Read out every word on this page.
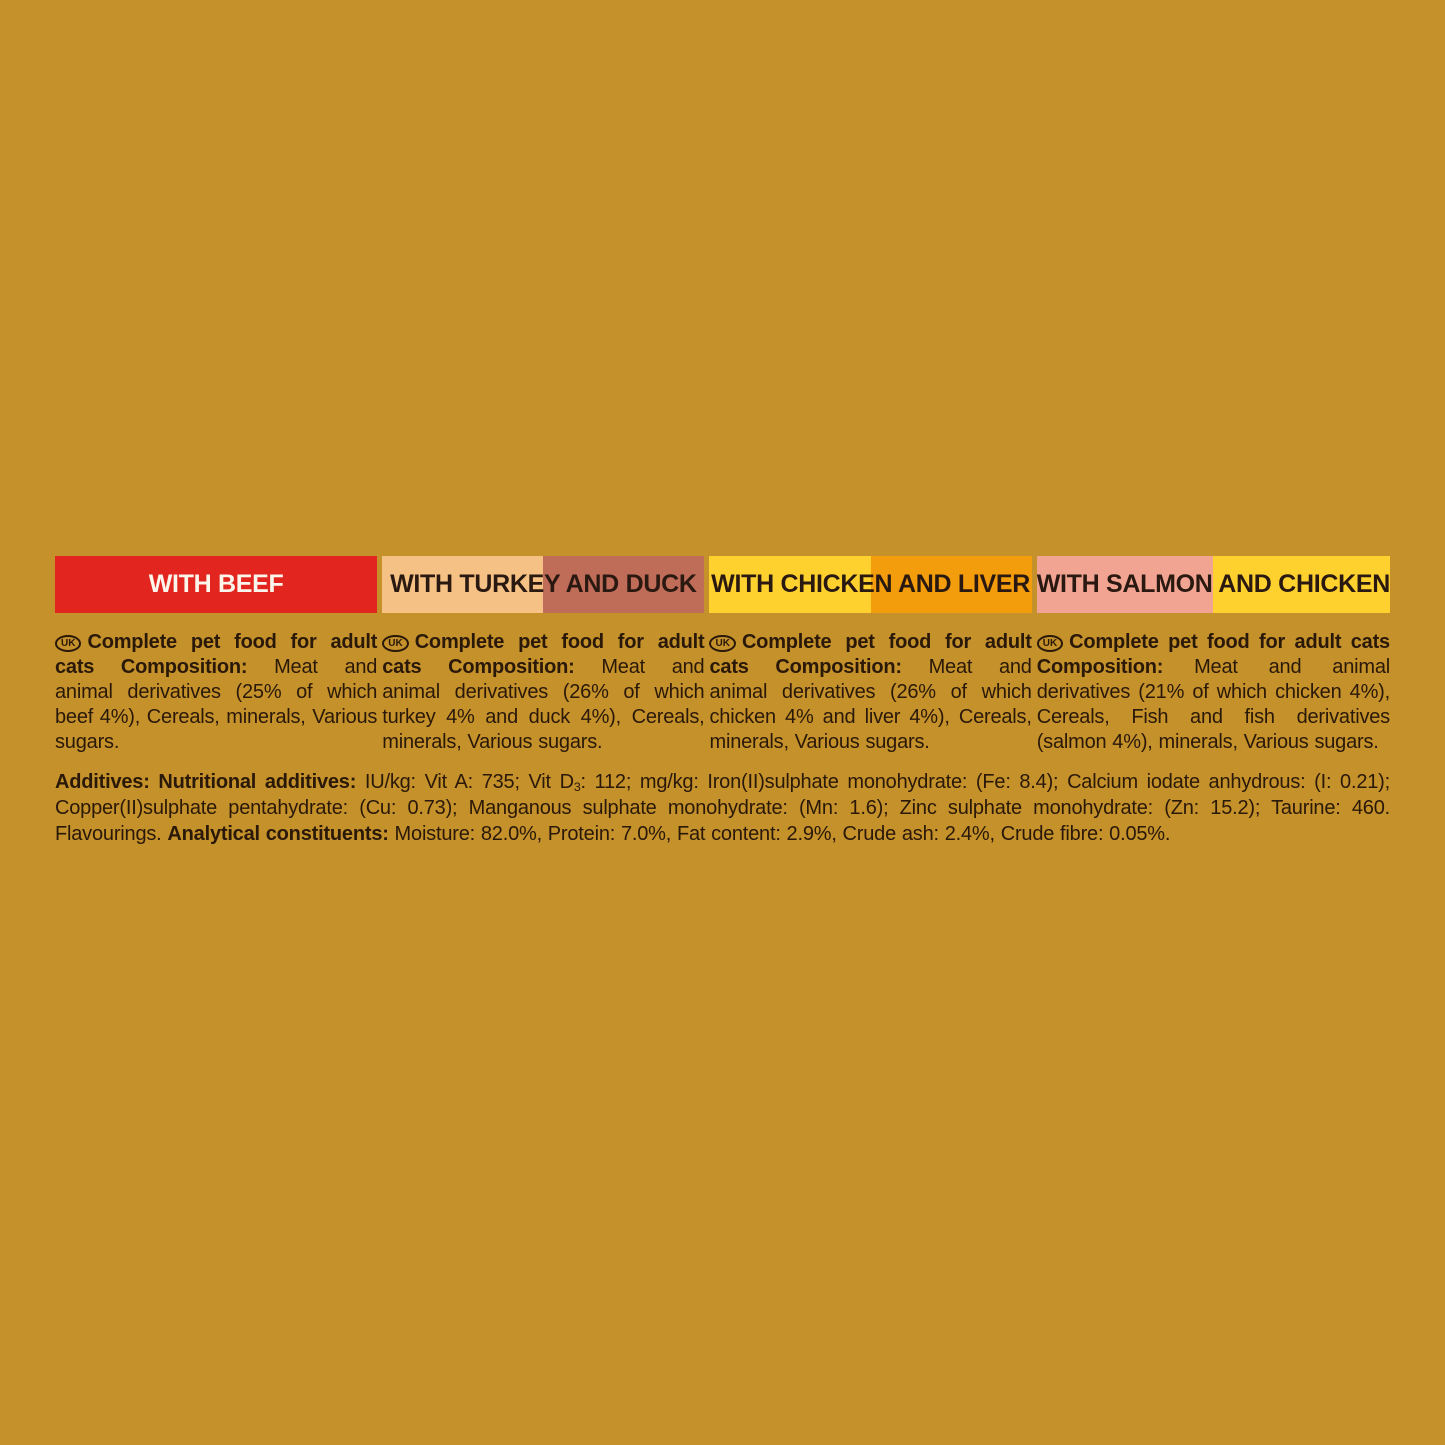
WITH BEEF

UK Complete pet food for adult cats Composition: Meat and animal derivatives (25% of which beef 4%), Cereals, minerals, Various sugars.

WITH TURKEY AND DUCK

UK Complete pet food for adult cats Composition: Meat and animal derivatives (26% of which turkey 4% and duck 4%), Cereals, minerals, Various sugars.

WITH CHICKEN AND LIVER

UK Complete pet food for adult cats Composition: Meat and animal derivatives (26% of which chicken 4% and liver 4%), Cereals, minerals, Various sugars.

WITH SALMON AND CHICKEN

UK Complete pet food for adult cats Composition: Meat and animal derivatives (21% of which chicken 4%), Cereals, Fish and fish derivatives (salmon 4%), minerals, Various sugars.

Additives: Nutritional additives: IU/kg: Vit A: 735; Vit $D_3$: 112; mg/kg: Iron(II)sulphate monohydrate: (Fe: 8.4); Calcium iodate anhydrous: (I: 0.21); Copper(II)sulphate pentahydrate: (Cu: 0.73); Manganous sulphate monohydrate: (Mn: 1.6); Zinc sulphate monohydrate: (Zn: 15.2); Taurine: 460. Flavourings. Analytical constituents: Moisture: 82.0%, Protein: 7.0%, Fat content: 2.9%, Crude ash: 2.4%, Crude fibre: 0.05%.
